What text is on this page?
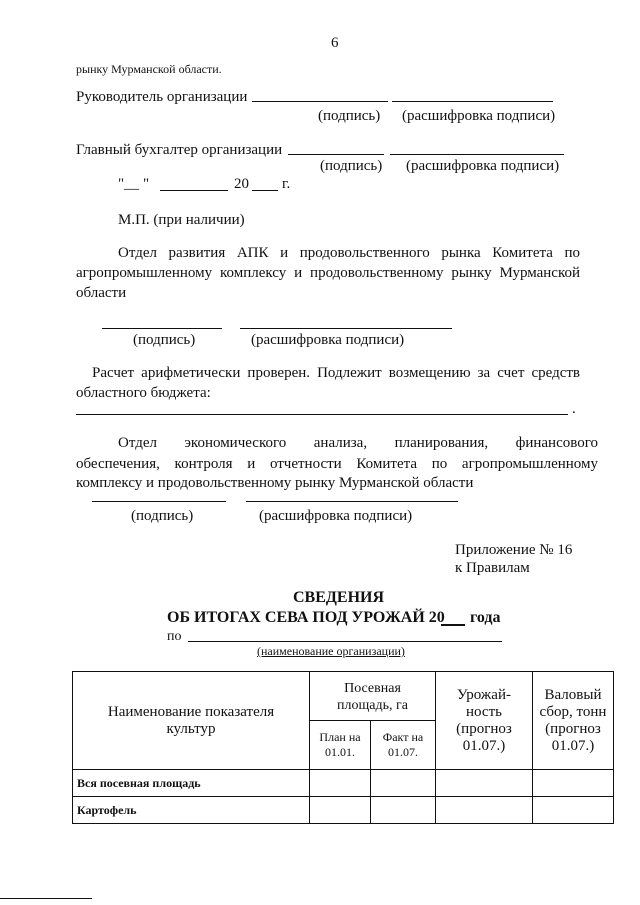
6
рынку Мурманской области.
Руководитель организации
(подпись) (расшифровка подписи)
Главный бухгалтер организации
(подпись) (расшифровка подписи)
" __ "	20 г.
М.П. (при наличии)
Отдел развития АПК и продовольственного рынка Комитета по
агропромышленному комплексу и продовольственному рынку Мурманской
области
(подпись)	(расшифровка подписи)
Расчет арифметически проверен. Подлежит возмещению за счет средств
областного бюджета:
.
Отдел экономического анализа, планирования, финансового
обеспечения, контроля и отчетности Комитета по агропромышленному
комплексу и продовольственному рынку Мурманской области
(подпись)	(расшифровка подписи)
Приложение № 16
к Правилам
СВЕДЕНИЯ
ОБ ИТОГАХ СЕВА ПОД УРОЖАЙ 20 года
по
(наименование организации)
Наименование показателя культур	Посевная площадь, га		Урожай-ность (прогноз 01.07.)	Валовый сбор, тонн (прогноз 01.07.)
	План на 01.01.	Факт на 01.07.		
Вся посевная площадь				
Картофель				
